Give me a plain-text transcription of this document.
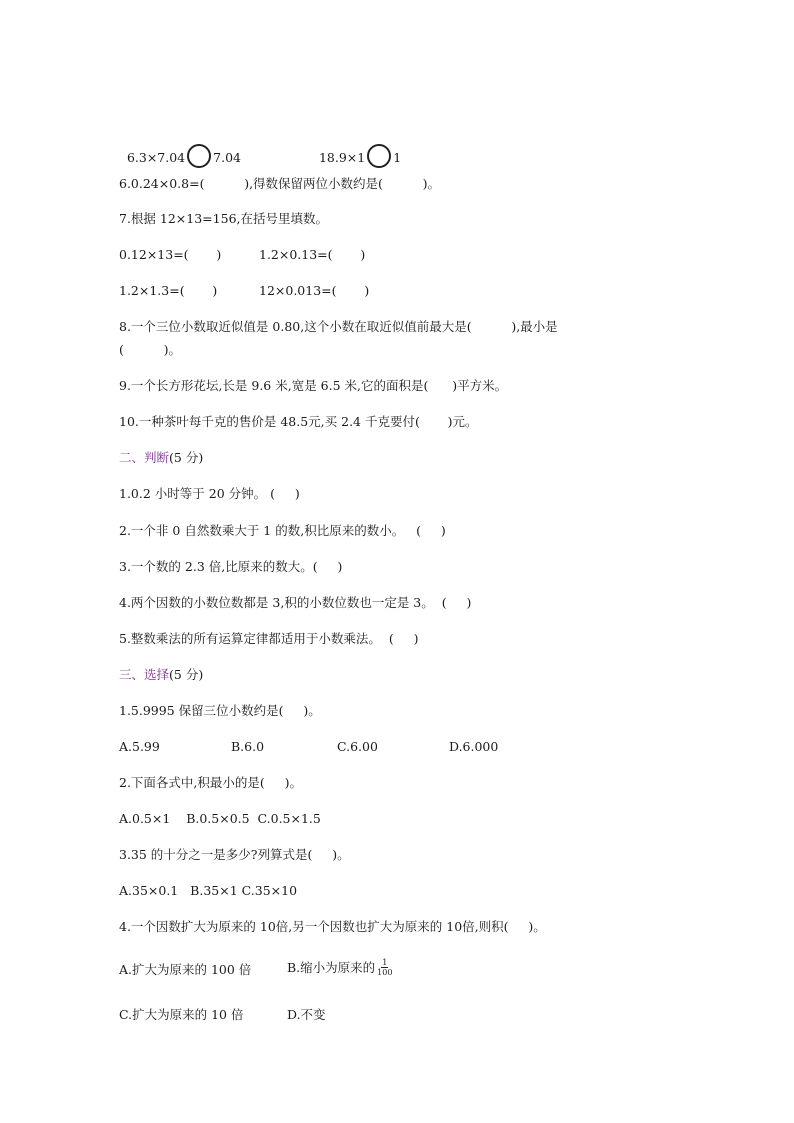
6.3×7.04 7.04	18.9×1 1

6.0.24×0.8=(          ),得数保留两位小数约是(          )。
7.根据 12×13=156,在括号里填数。
0.12×13=(       )	1.2×0.13=(       )
1.2×1.3=(       )	12×0.013=(       )
8.一个三位小数取近似值是 0.80,这个小数在取近似值前最大是(          ),最小是
(          )。
9.一个长方形花坛,长是 9.6 米,宽是 6.5 米,它的面积是(      )平方米。
10.一种茶叶每千克的售价是 48.5元,买 2.4 千克要付(       )元。
二、判断(5 分)
1.0.2 小时等于 20 分钟。 (     )
2.一个非 0 自然数乘大于 1 的数,积比原来的数小。   (     )
3.一个数的 2.3 倍,比原来的数大。(     )
4.两个因数的小数位数都是 3,积的小数位数也一定是 3。  (     )
5.整数乘法的所有运算定律都适用于小数乘法。  (     )
三、选择(5 分)
1.5.9995 保留三位小数约是(     )。
A.5.99	B.6.0	C.6.00	D.6.000
2.下面各式中,积最小的是(     )。
A.0.5×1    B.0.5×0.5  C.0.5×1.5
3.35 的十分之一是多少?列算式是(     )。
A.35×0.1   B.35×1 C.35×10
4.一个因数扩大为原来的 10倍,另一个因数也扩大为原来的 10倍,则积(     )。
A.扩大为原来的 100 倍	B.缩小为原来的 $\frac{1}{100}$
C.扩大为原来的 10 倍	D.不变
